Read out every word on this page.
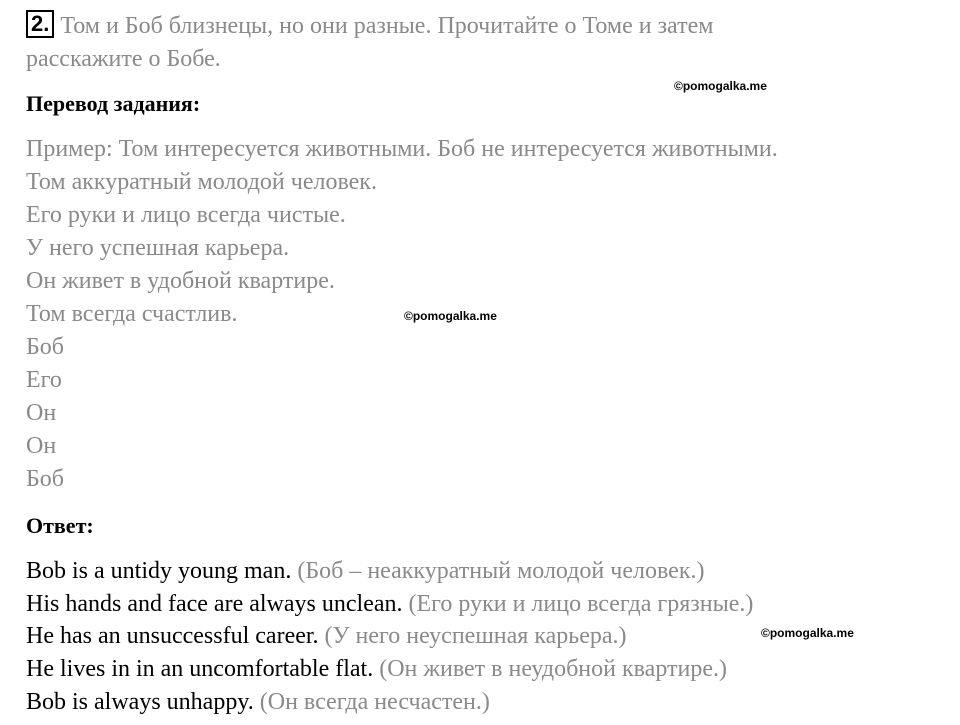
2. Том и Боб близнецы, но они разные. Прочитайте о Томе и затем
расскажите о Бобе.
Перевод задания:
Пример: Том интересуется животными. Боб не интересуется животными.
Том аккуратный молодой человек.
Его руки и лицо всегда чистые.
У него успешная карьера.
Он живет в удобной квартире.
Том всегда счастлив.
Боб
Его
Он
Он
Боб
Ответ:
Bob is a untidy young man. (Боб – неаккуратный молодой человек.)
His hands and face are always unclean. (Его руки и лицо всегда грязные.)
He has an unsuccessful career. (У него неуспешная карьера.)
He lives in in an uncomfortable flat. (Он живет в неудобной квартире.)
Bob is always unhappy. (Он всегда несчастен.)
©pomogalka.me
©pomogalka.me
©pomogalka.me
